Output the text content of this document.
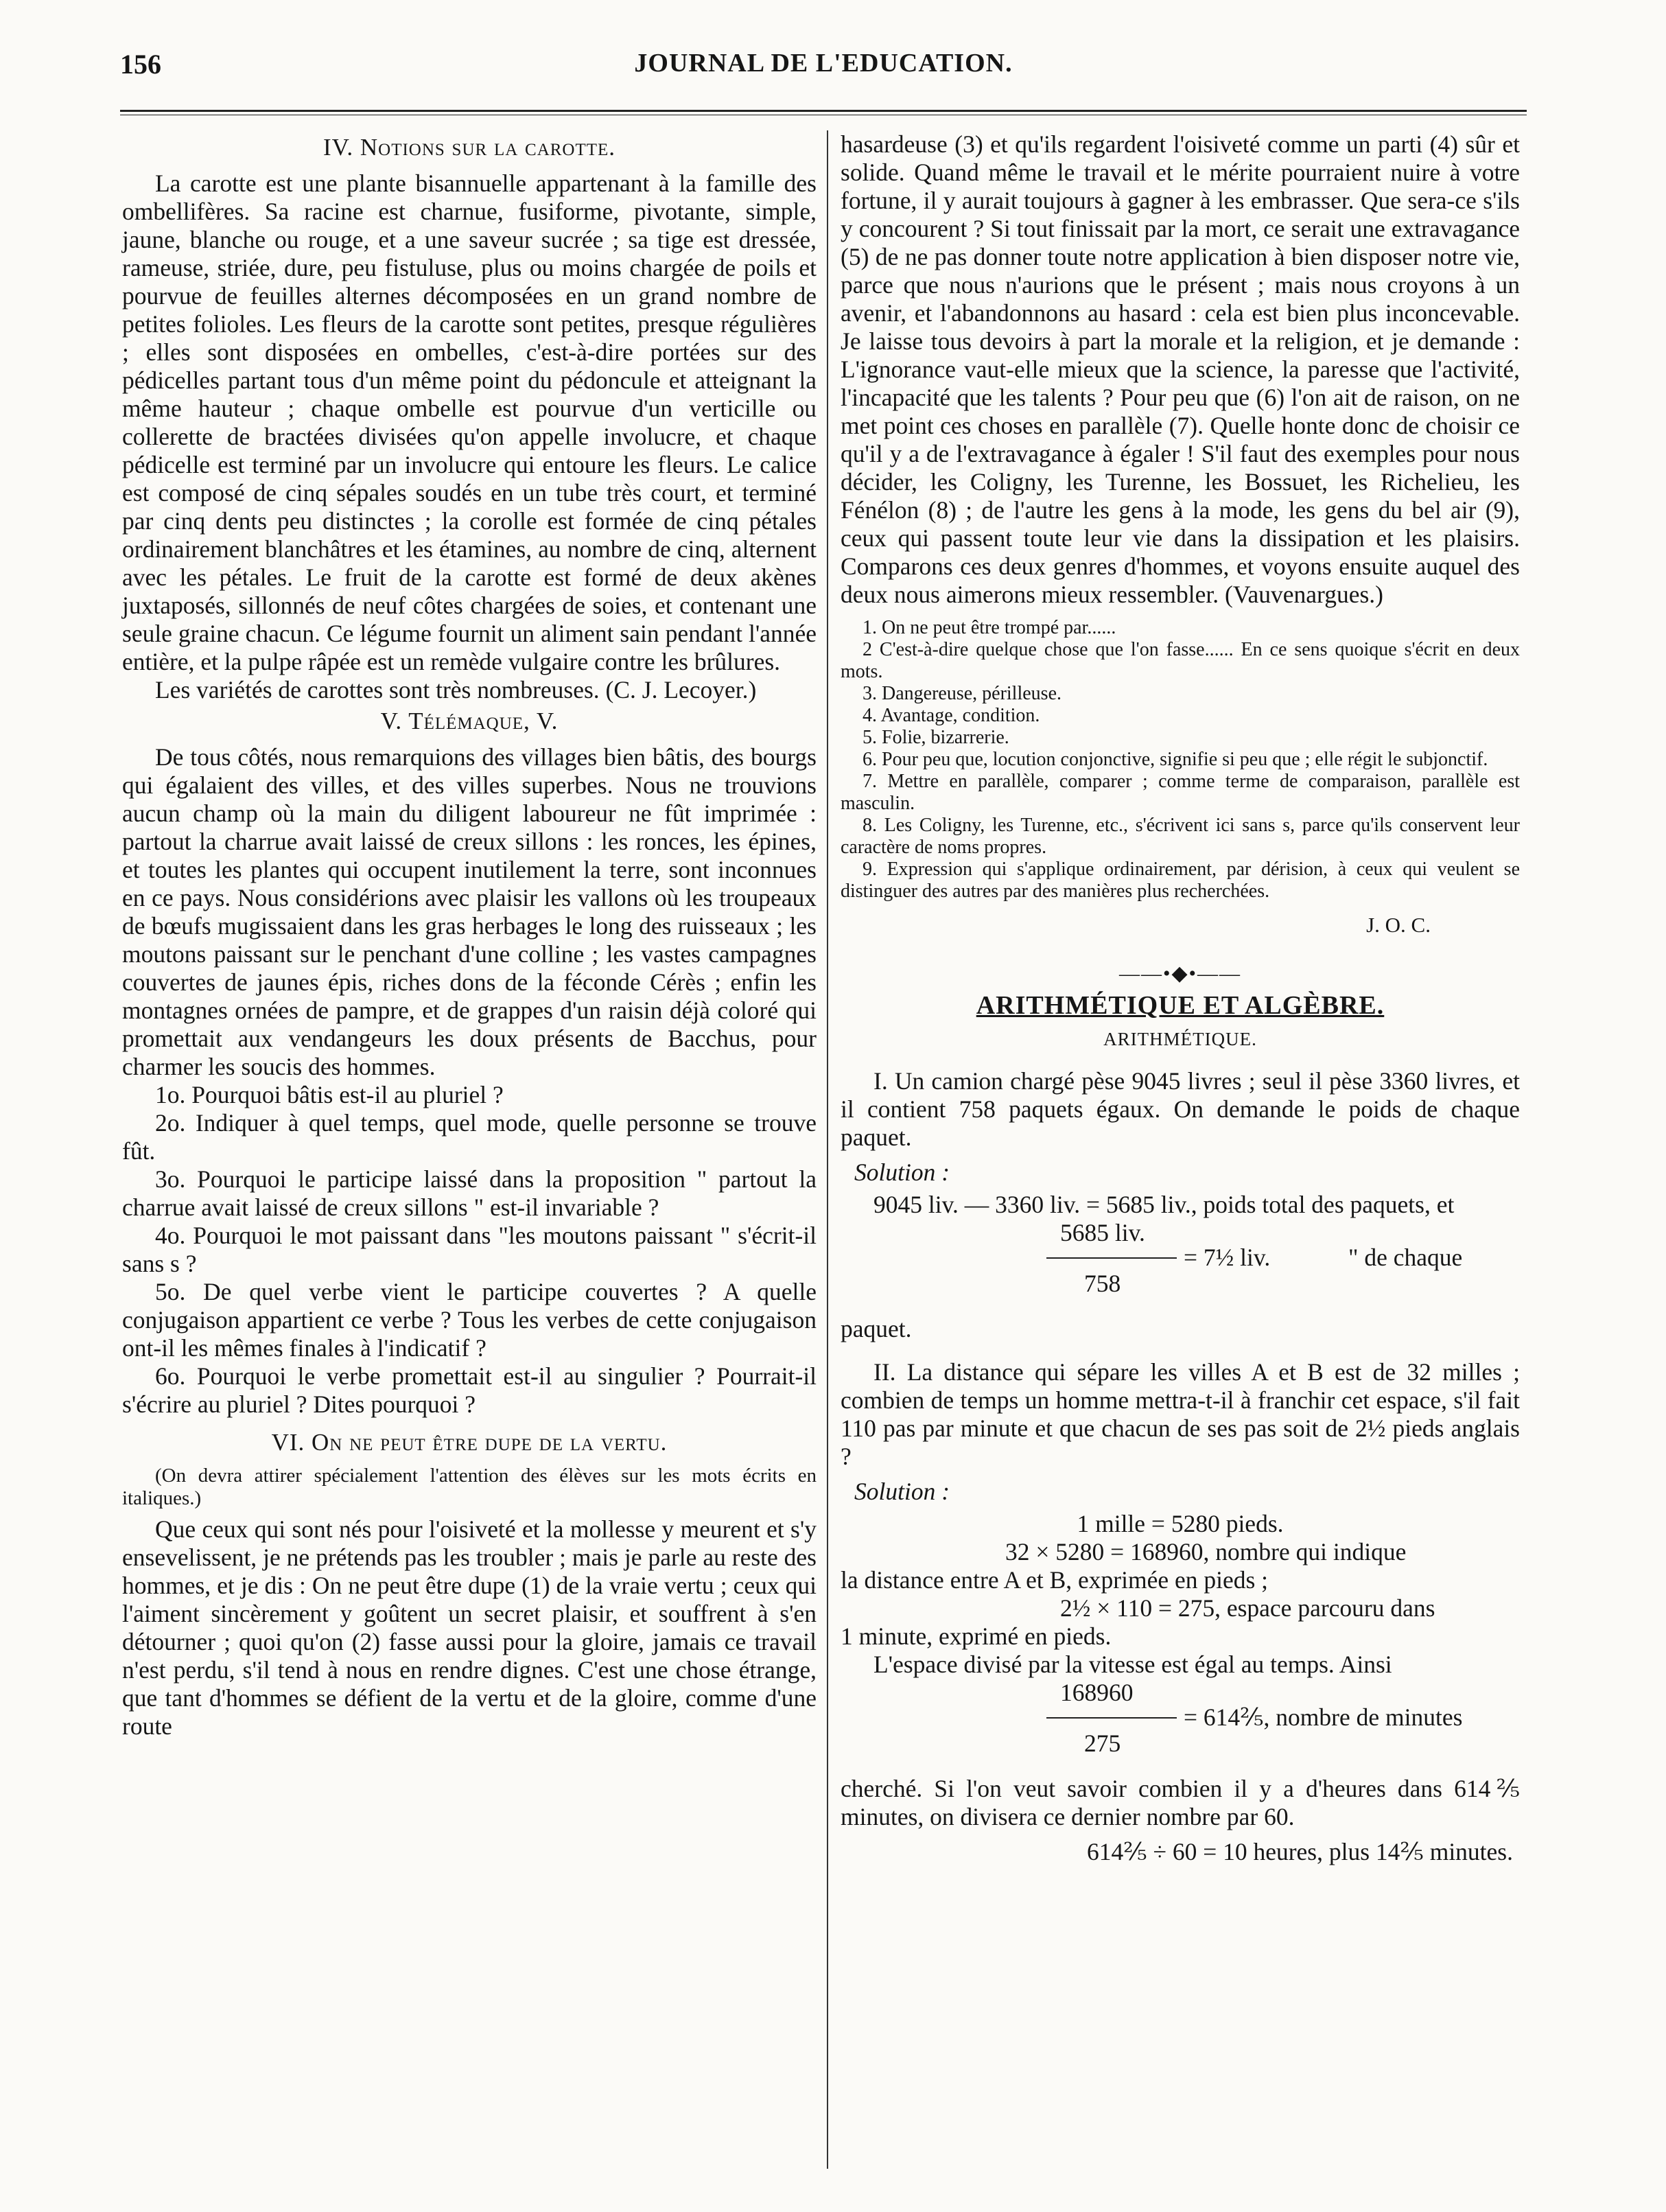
156	JOURNAL DE L'EDUCATION.
IV. Notions sur la carotte.

La carotte est une plante bisannuelle appartenant à la famille des ombellifères. Sa racine est charnue, fusiforme, pivotante, simple, jaune, blanche ou rouge, et a une saveur sucrée ; sa tige est dressée, rameuse, striée, dure, peu fistuluse, plus ou moins chargée de poils et pourvue de feuilles alternes décomposées en un grand nombre de petites folioles. Les fleurs de la carotte sont petites, presque régulières ; elles sont disposées en ombelles, c'est-à-dire portées sur des pédicelles partant tous d'un même point du pédoncule et atteignant la même hauteur ; chaque ombelle est pourvue d'un verticille ou collerette de bractées divisées qu'on appelle involucre, et chaque pédicelle est terminé par un involucre qui entoure les fleurs. Le calice est composé de cinq sépales soudés en un tube très court, et terminé par cinq dents peu distinctes ; la corolle est formée de cinq pétales ordinairement blanchâtres et les étamines, au nombre de cinq, alternent avec les pétales. Le fruit de la carotte est formé de deux akènes juxtaposés, sillonnés de neuf côtes chargées de soies, et contenant une seule graine chacun. Ce légume fournit un aliment sain pendant l'année entière, et la pulpe râpée est un remède vulgaire contre les brûlures.

Les variétés de carottes sont très nombreuses. (C. J. Lecoyer.)

V. Télémaque, V.

De tous côtés, nous remarquions des villages bien bâtis, des bourgs qui égalaient des villes, et des villes superbes. Nous ne trouvions aucun champ où la main du diligent laboureur ne fût imprimée : partout la charrue avait laissé de creux sillons : les ronces, les épines, et toutes les plantes qui occupent inutilement la terre, sont inconnues en ce pays. Nous considérions avec plaisir les vallons où les troupeaux de bœufs mugissaient dans les gras herbages le long des ruisseaux ; les moutons paissant sur le penchant d'une colline ; les vastes campagnes couvertes de jaunes épis, riches dons de la féconde Cérès ; enfin les montagnes ornées de pampre, et de grappes d'un raisin déjà coloré qui promettait aux vendangeurs les doux présents de Bacchus, pour charmer les soucis des hommes.

1o. Pourquoi bâtis est-il au pluriel ?

2o. Indiquer à quel temps, quel mode, quelle personne se trouve fût.

3o. Pourquoi le participe laissé dans la proposition " partout la charrue avait laissé de creux sillons " est-il invariable ?

4o. Pourquoi le mot paissant dans "les moutons paissant " s'écrit-il sans s ?

5o. De quel verbe vient le participe couvertes ? A quelle conjugaison appartient ce verbe ? Tous les verbes de cette conjugaison ont-il les mêmes finales à l'indicatif ?

6o. Pourquoi le verbe promettait est-il au singulier ? Pourrait-il s'écrire au pluriel ? Dites pourquoi ?

VI. On ne peut être dupe de la vertu.

(On devra attirer spécialement l'attention des élèves sur les mots écrits en italiques.)

Que ceux qui sont nés pour l'oisiveté et la mollesse y meurent et s'y ensevelissent, je ne prétends pas les troubler ; mais je parle au reste des hommes, et je dis : On ne peut être dupe (1) de la vraie vertu ; ceux qui l'aiment sincèrement y goûtent un secret plaisir, et souffrent à s'en détourner ; quoi qu'on (2) fasse aussi pour la gloire, jamais ce travail n'est perdu, s'il tend à nous en rendre dignes. C'est une chose étrange, que tant d'hommes se défient de la vertu et de la gloire, comme d'une route

hasardeuse (3) et qu'ils regardent l'oisiveté comme un parti (4) sûr et solide. Quand même le travail et le mérite pourraient nuire à votre fortune, il y aurait toujours à gagner à les embrasser. Que sera-ce s'ils y concourent ? Si tout finissait par la mort, ce serait une extravagance (5) de ne pas donner toute notre application à bien disposer notre vie, parce que nous n'aurions que le présent ; mais nous croyons à un avenir, et l'abandonnons au hasard : cela est bien plus inconcevable. Je laisse tous devoirs à part la morale et la religion, et je demande : L'ignorance vaut-elle mieux que la science, la paresse que l'activité, l'incapacité que les talents ? Pour peu que (6) l'on ait de raison, on ne met point ces choses en parallèle (7). Quelle honte donc de choisir ce qu'il y a de l'extravagance à égaler ! S'il faut des exemples pour nous décider, les Coligny, les Turenne, les Bossuet, les Richelieu, les Fénélon (8) ; de l'autre les gens à la mode, les gens du bel air (9), ceux qui passent toute leur vie dans la dissipation et les plaisirs. Comparons ces deux genres d'hommes, et voyons ensuite auquel des deux nous aimerons mieux ressembler. (Vauvenargues.)

1. On ne peut être trompé par......

2 C'est-à-dire quelque chose que l'on fasse...... En ce sens quoique s'écrit en deux mots.

3. Dangereuse, périlleuse.

4. Avantage, condition.

5. Folie, bizarrerie.

6. Pour peu que, locution conjonctive, signifie si peu que ; elle régit le subjonctif.

7. Mettre en parallèle, comparer ; comme terme de comparaison, parallèle est masculin.

8. Les Coligny, les Turenne, etc., s'écrivent ici sans s, parce qu'ils conservent leur caractère de noms propres.

9. Expression qui s'applique ordinairement, par dérision, à ceux qui veulent se distinguer des autres par des manières plus recherchées.

J. O. C.
——•◆•——
ARITHMÉTIQUE ET ALGÈBRE.
ARITHMÉTIQUE.

I. Un camion chargé pèse 9045 livres ; seul il pèse 3360 livres, et il contient 758 paquets égaux. On demande le poids de chaque paquet.

Solution :

9045 liv. — 3360 liv. = 5685 liv., poids total des paquets, et

5685 liv.
758
= 7½ liv.	" de chaque

paquet.

II. La distance qui sépare les villes A et B est de 32 milles ; combien de temps un homme mettra-t-il à franchir cet espace, s'il fait 110 pas par minute et que chacun de ses pas soit de 2½ pieds anglais ?

Solution :

1 mille = 5280 pieds.

32 × 5280 = 168960, nombre qui indique

la distance entre A et B, exprimée en pieds ;

2½ × 110 = 275, espace parcouru dans

1 minute, exprimé en pieds.

L'espace divisé par la vitesse est égal au temps. Ainsi

168960
275
= 614⅖, nombre de minutes

cherché. Si l'on veut savoir combien il y a d'heures dans 614⅖ minutes, on divisera ce dernier nombre par 60.

614⅖ ÷ 60 = 10 heures, plus 14⅖ minutes.
